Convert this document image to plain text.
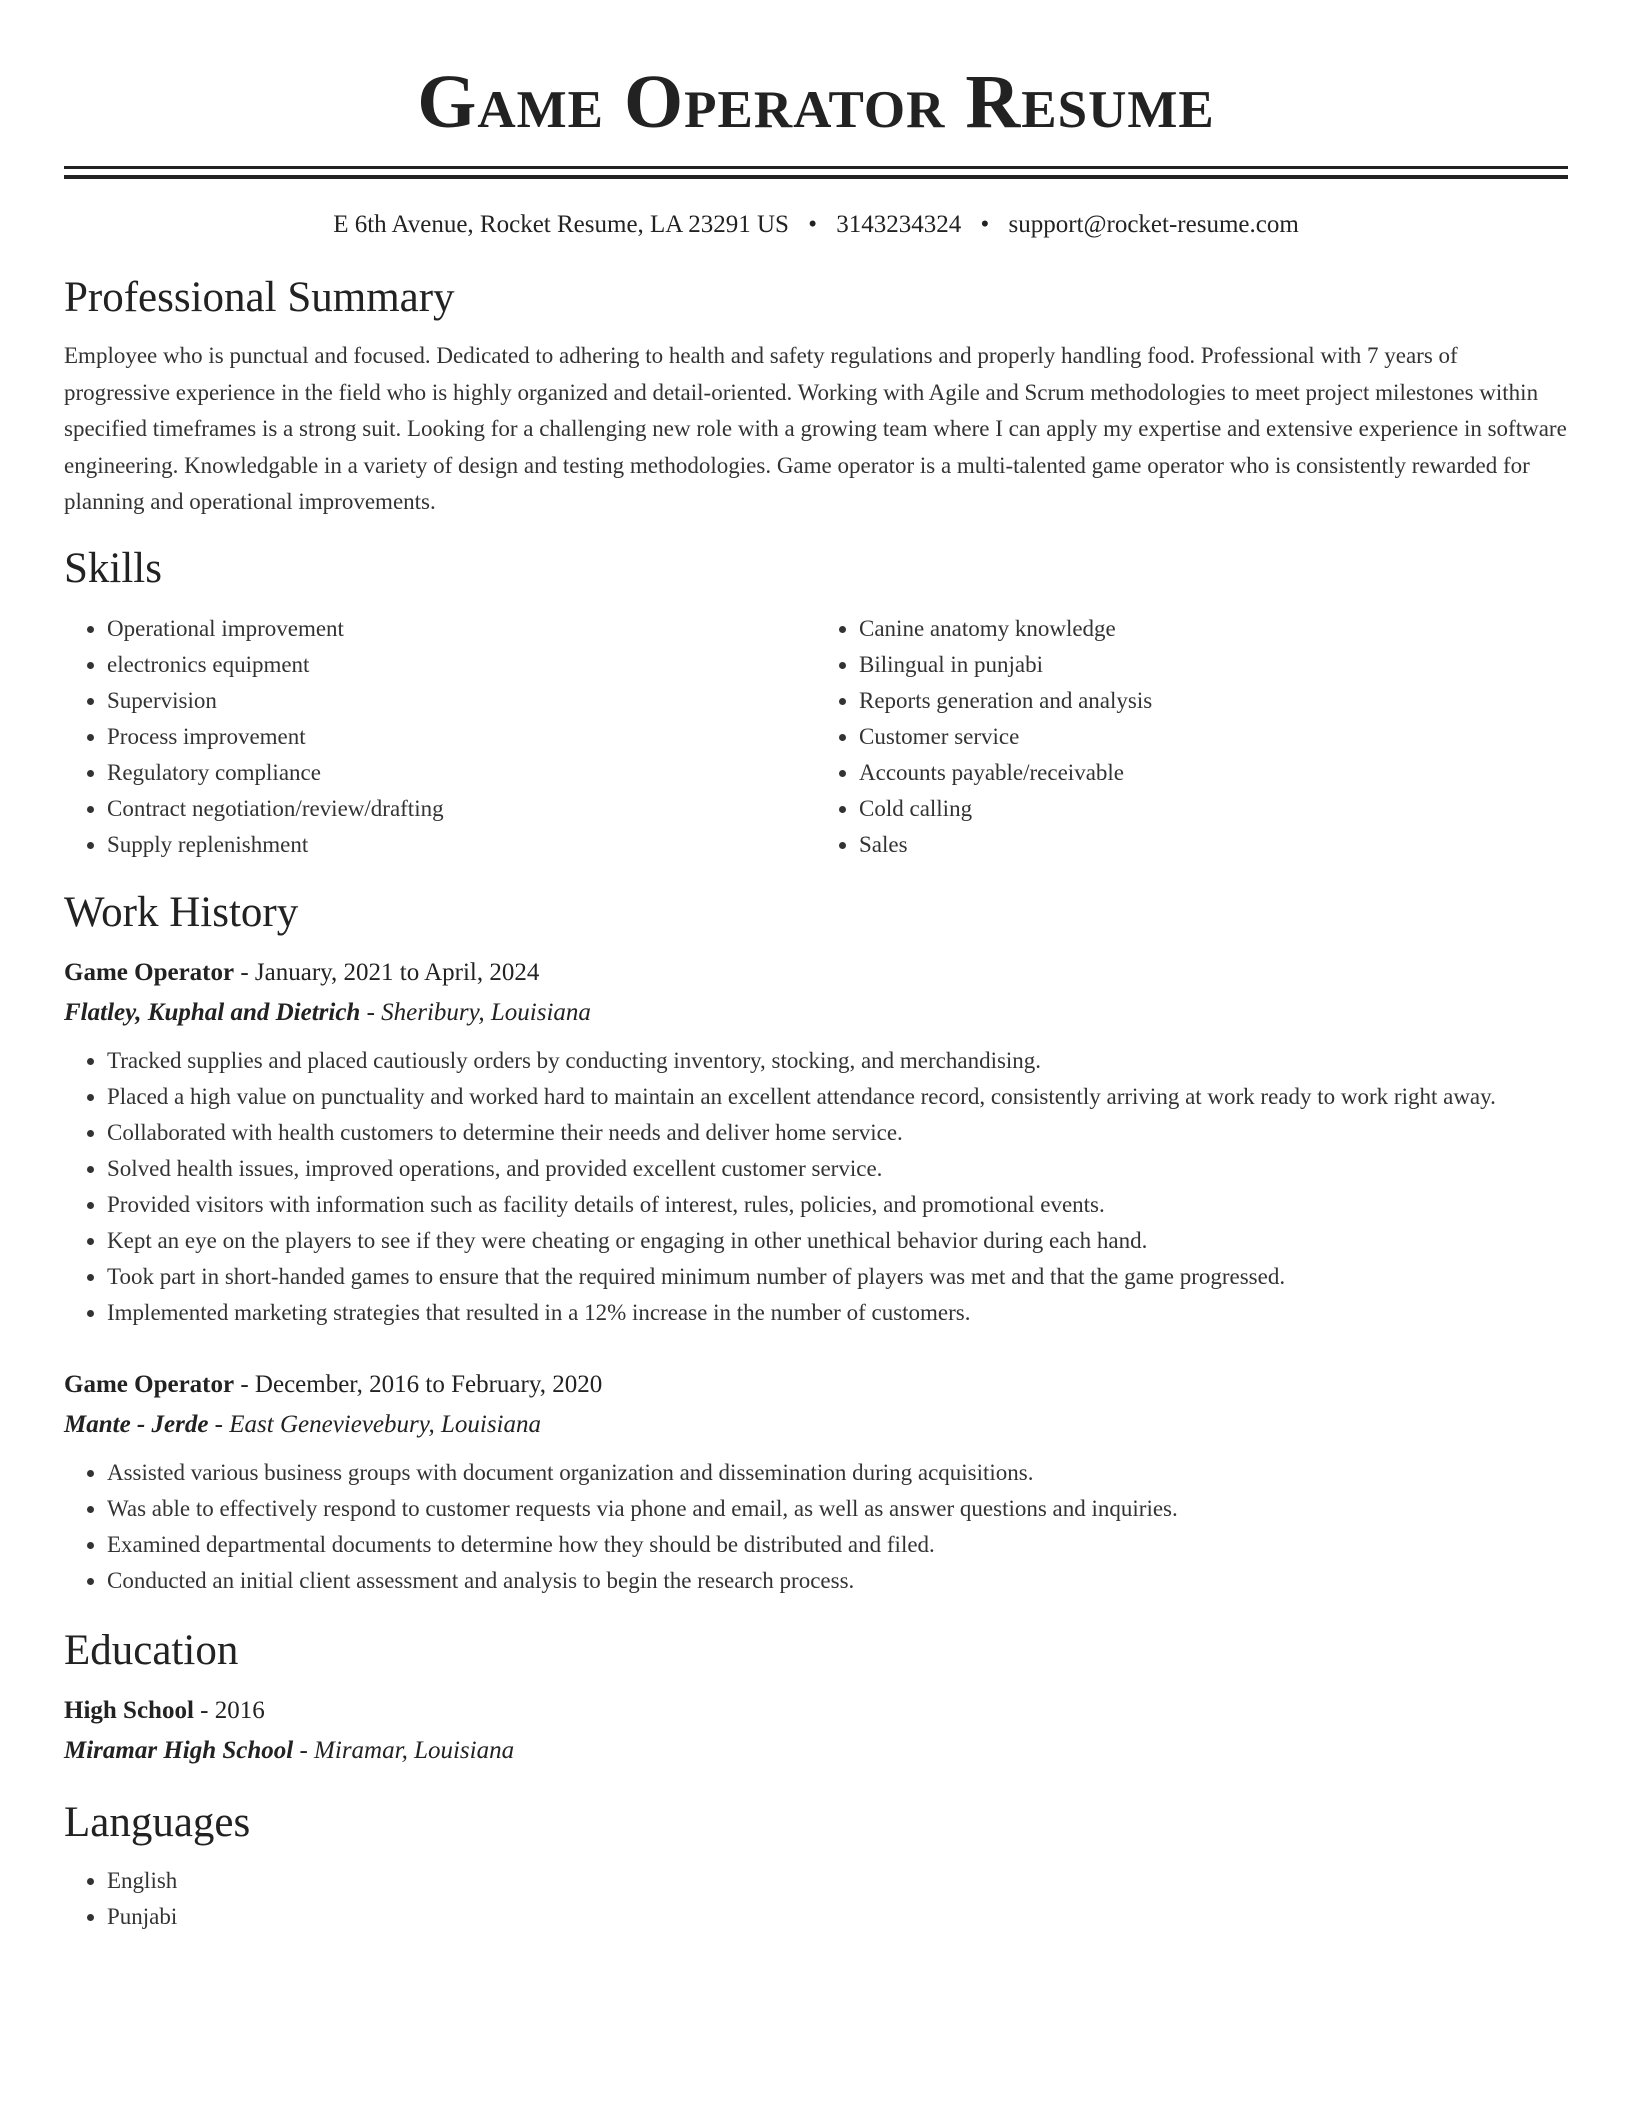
Game Operator Resume
E 6th Avenue, Rocket Resume, LA 23291 US • 3143234324 • support@rocket-resume.com
Professional Summary

Employee who is punctual and focused. Dedicated to adhering to health and safety regulations and properly handling food. Professional with 7 years of progressive experience in the field who is highly organized and detail-oriented. Working with Agile and Scrum methodologies to meet project milestones within specified timeframes is a strong suit. Looking for a challenging new role with a growing team where I can apply my expertise and extensive experience in software engineering. Knowledgable in a variety of design and testing methodologies. Game operator is a multi-talented game operator who is consistently rewarded for planning and operational improvements.

Skills
• Operational improvement
• electronics equipment
• Supervision
• Process improvement
• Regulatory compliance
• Contract negotiation/review/drafting
• Supply replenishment
• Canine anatomy knowledge
• Bilingual in punjabi
• Reports generation and analysis
• Customer service
• Accounts payable/receivable
• Cold calling
• Sales
Work History
Game Operator - January, 2021 to April, 2024
Flatley, Kuphal and Dietrich - Sheribury, Louisiana
• Tracked supplies and placed cautiously orders by conducting inventory, stocking, and merchandising.
• Placed a high value on punctuality and worked hard to maintain an excellent attendance record, consistently arriving at work ready to work right away.
• Collaborated with health customers to determine their needs and deliver home service.
• Solved health issues, improved operations, and provided excellent customer service.
• Provided visitors with information such as facility details of interest, rules, policies, and promotional events.
• Kept an eye on the players to see if they were cheating or engaging in other unethical behavior during each hand.
• Took part in short-handed games to ensure that the required minimum number of players was met and that the game progressed.
• Implemented marketing strategies that resulted in a 12% increase in the number of customers.
Game Operator - December, 2016 to February, 2020
Mante - Jerde - East Genevievebury, Louisiana
• Assisted various business groups with document organization and dissemination during acquisitions.
• Was able to effectively respond to customer requests via phone and email, as well as answer questions and inquiries.
• Examined departmental documents to determine how they should be distributed and filed.
• Conducted an initial client assessment and analysis to begin the research process.
Education
High School - 2016
Miramar High School - Miramar, Louisiana
Languages
• English
• Punjabi
